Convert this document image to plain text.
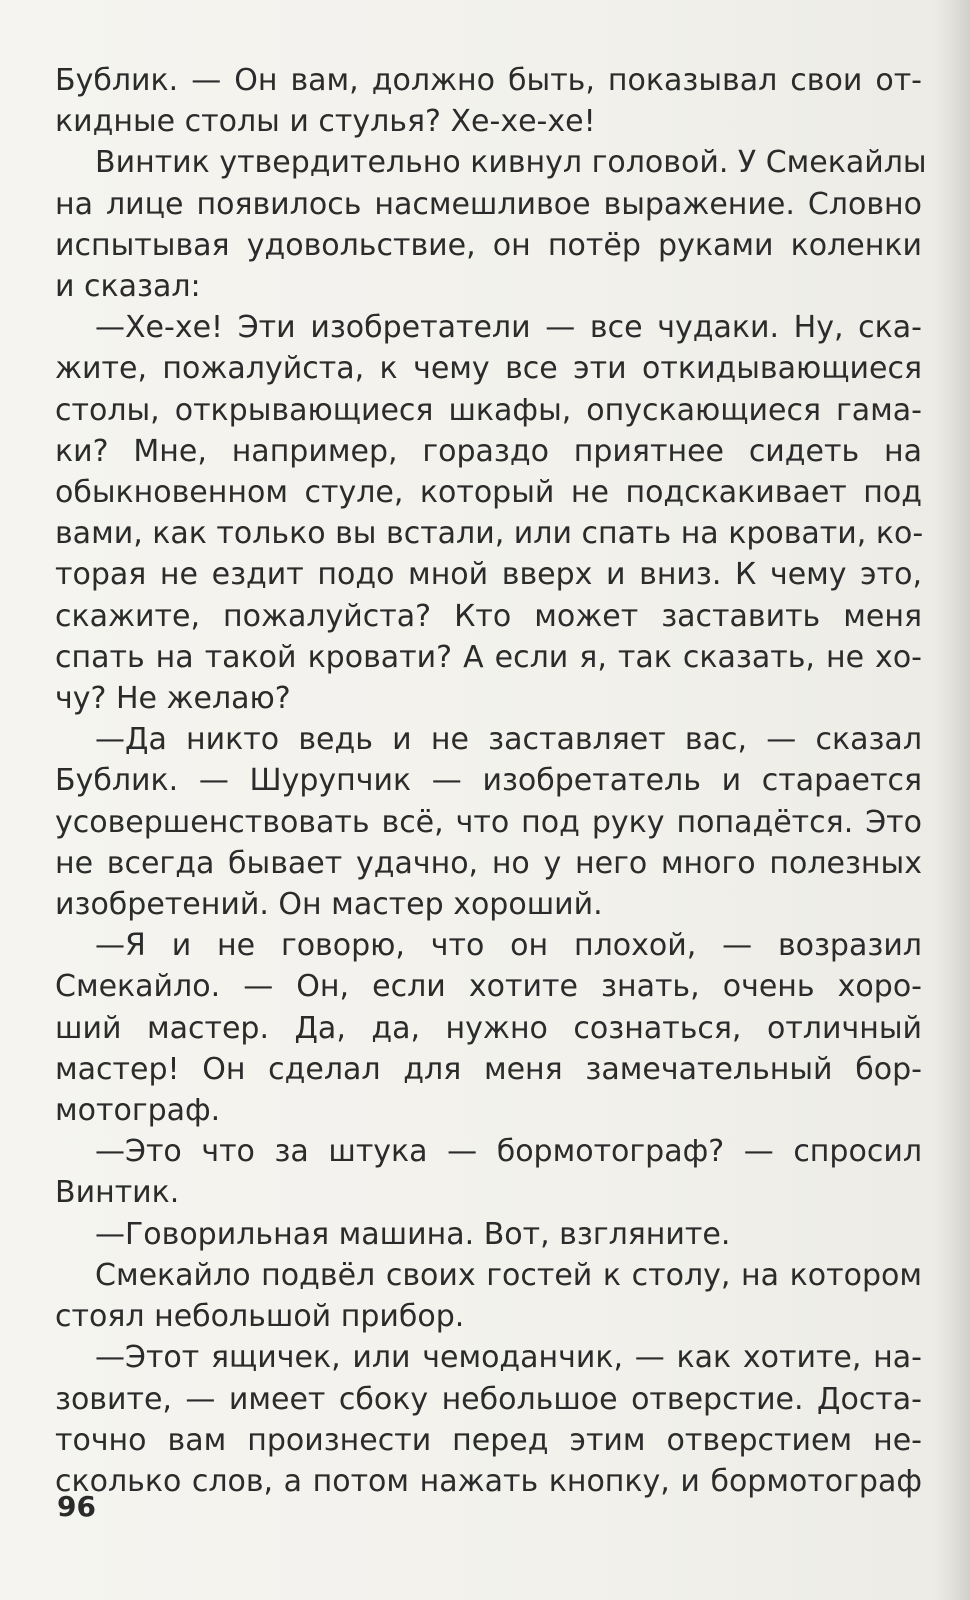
Бублик. — Он вам, должно быть, показывал свои от-
кидные столы и стулья? Хе-хе-хе!

Винтик утвердительно кивнул головой. У Смекайлы
на лице появилось насмешливое выражение. Словно
испытывая удовольствие, он потёр руками коленки
и сказал:

—Хе-хе! Эти изобретатели — все чудаки. Ну, ска-
жите, пожалуйста, к чему все эти откидывающиеся
столы, открывающиеся шкафы, опускающиеся гама-
ки? Мне, например, гораздо приятнее сидеть на
обыкновенном стуле, который не подскакивает под
вами, как только вы встали, или спать на кровати, ко-
торая не ездит подо мной вверх и вниз. К чему это,
скажите, пожалуйста? Кто может заставить меня
спать на такой кровати? А если я, так сказать, не хо-
чу? Не желаю?

—Да никто ведь и не заставляет вас, — сказал
Бублик. — Шурупчик — изобретатель и старается
усовершенствовать всё, что под руку попадётся. Это
не всегда бывает удачно, но у него много полезных
изобретений. Он мастер хороший.

—Я и не говорю, что он плохой, — возразил
Смекайло. — Он, если хотите знать, очень хоро-
ший мастер. Да, да, нужно сознаться, отличный
мастер! Он сделал для меня замечательный бор-
мотограф.

—Это что за штука — бормотограф? — спросил
Винтик.

—Говорильная машина. Вот, взгляните.

Смекайло подвёл своих гостей к столу, на котором
стоял небольшой прибор.

—Этот ящичек, или чемоданчик, — как хотите, на-
зовите, — имеет сбоку небольшое отверстие. Доста-
точно вам произнести перед этим отверстием не-
сколько слов, а потом нажать кнопку, и бормотограф

96
